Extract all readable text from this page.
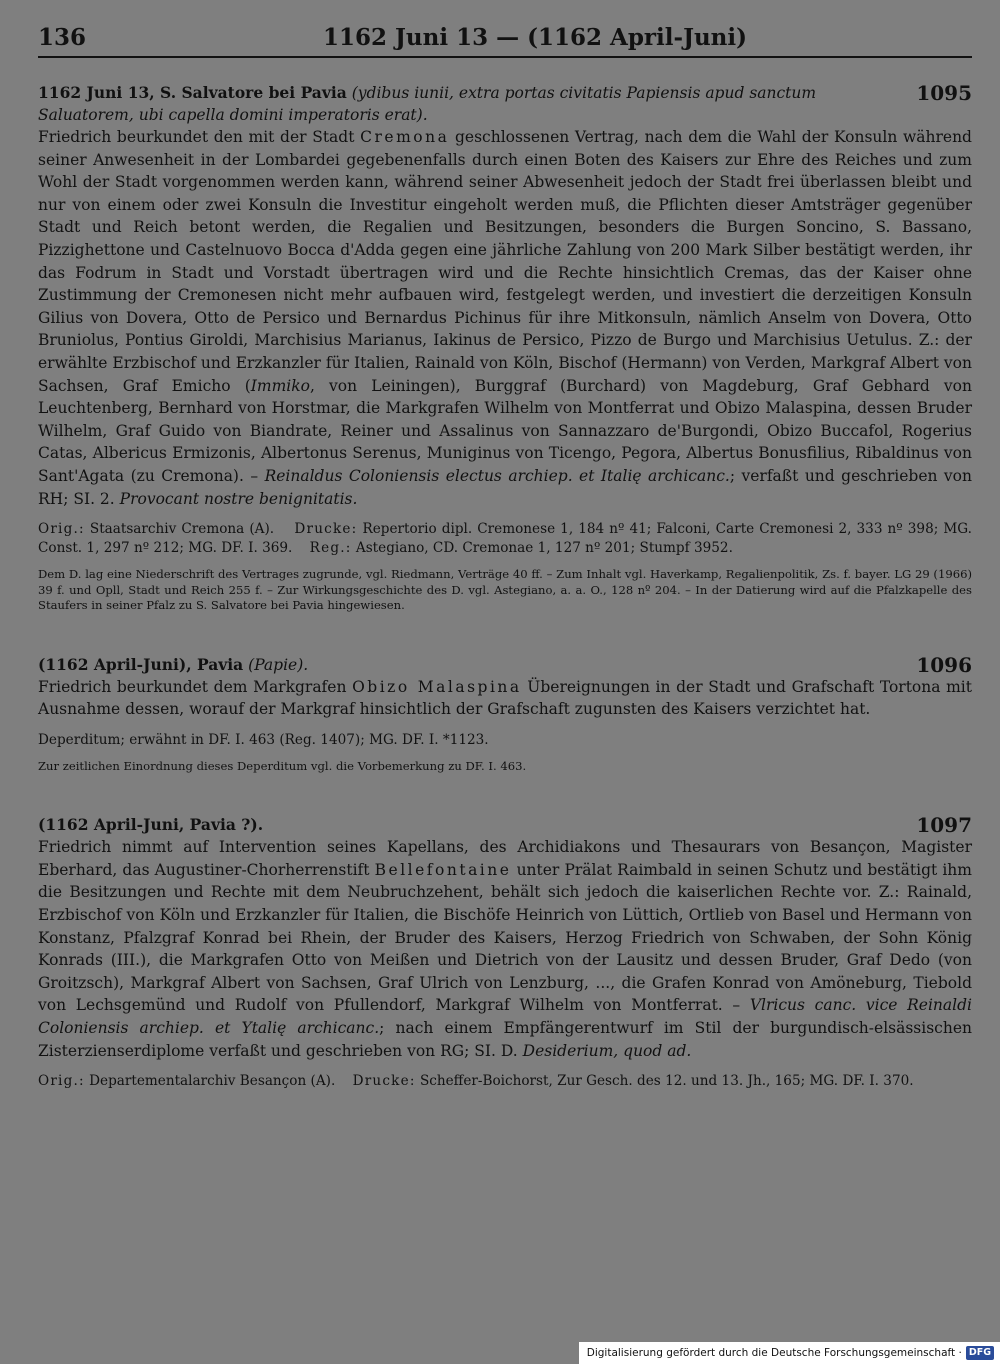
136	1162 Juni 13 — (1162 April-Juni)
1162 Juni 13, S. Salvatore bei Pavia (ydibus iunii, extra portas civitatis Papiensis apud sanctum Saluatorem, ubi capella domini imperatoris erat).
1095

Friedrich beurkundet den mit der Stadt Cremona geschlossenen Vertrag, nach dem die Wahl der Konsuln während seiner Anwesenheit in der Lombardei gegebenenfalls durch einen Boten des Kaisers zur Ehre des Reiches und zum Wohl der Stadt vorgenommen werden kann, während seiner Abwesenheit jedoch der Stadt frei überlassen bleibt und nur von einem oder zwei Konsuln die Investitur eingeholt werden muß, die Pflichten dieser Amtsträger gegenüber Stadt und Reich betont werden, die Regalien und Besitzungen, besonders die Burgen Soncino, S. Bassano, Pizzighettone und Castelnuovo Bocca d'Adda gegen eine jährliche Zahlung von 200 Mark Silber bestätigt werden, ihr das Fodrum in Stadt und Vorstadt übertragen wird und die Rechte hinsichtlich Cremas, das der Kaiser ohne Zustimmung der Cremonesen nicht mehr aufbauen wird, festgelegt werden, und investiert die derzeitigen Konsuln Gilius von Dovera, Otto de Persico und Bernardus Pichinus für ihre Mitkonsuln, nämlich Anselm von Dovera, Otto Bruniolus, Pontius Giroldi, Marchisius Marianus, Iakinus de Persico, Pizzo de Burgo und Marchisius Uetulus. Z.: der erwählte Erzbischof und Erzkanzler für Italien, Rainald von Köln, Bischof (Hermann) von Verden, Markgraf Albert von Sachsen, Graf Emicho (Immiko, von Leiningen), Burggraf (Burchard) von Magdeburg, Graf Gebhard von Leuchtenberg, Bernhard von Horstmar, die Markgrafen Wilhelm von Montferrat und Obizo Malaspina, dessen Bruder Wilhelm, Graf Guido von Biandrate, Reiner und Assalinus von Sannazzaro de'Burgondi, Obizo Buccafol, Rogerius Catas, Albericus Ermizonis, Albertonus Serenus, Muniginus von Ticengo, Pegora, Albertus Bonusfilius, Ribaldinus von Sant'Agata (zu Cremona). – Reinaldus Coloniensis electus archiep. et Italię archicanc.; verfaßt und geschrieben von RH; SI. 2. Provocant nostre benignitatis.

Orig.: Staatsarchiv Cremona (A). Drucke: Repertorio dipl. Cremonese 1, 184 nº 41; Falconi, Carte Cremonesi 2, 333 nº 398; MG. Const. 1, 297 nº 212; MG. DF. I. 369. Reg.: Astegiano, CD. Cremonae 1, 127 nº 201; Stumpf 3952.
Dem D. lag eine Niederschrift des Vertrages zugrunde, vgl. Riedmann, Verträge 40 ff. – Zum Inhalt vgl. Haverkamp, Regalienpolitik, Zs. f. bayer. LG 29 (1966) 39 f. und Opll, Stadt und Reich 255 f. – Zur Wirkungsgeschichte des D. vgl. Astegiano, a. a. O., 128 nº 204. – In der Datierung wird auf die Pfalzkapelle des Staufers in seiner Pfalz zu S. Salvatore bei Pavia hingewiesen.
(1162 April-Juni), Pavia (Papie).	1096

Friedrich beurkundet dem Markgrafen Obizo Malaspina Übereignungen in der Stadt und Grafschaft Tortona mit Ausnahme dessen, worauf der Markgraf hinsichtlich der Grafschaft zugunsten des Kaisers verzichtet hat.

Deperditum; erwähnt in DF. I. 463 (Reg. 1407); MG. DF. I. *1123.
Zur zeitlichen Einordnung dieses Deperditum vgl. die Vorbemerkung zu DF. I. 463.
(1162 April-Juni, Pavia ?).	1097

Friedrich nimmt auf Intervention seines Kapellans, des Archidiakons und Thesaurars von Besançon, Magister Eberhard, das Augustiner-Chorherrenstift Bellefontaine unter Prälat Raimbald in seinen Schutz und bestätigt ihm die Besitzungen und Rechte mit dem Neubruchzehent, behält sich jedoch die kaiserlichen Rechte vor. Z.: Rainald, Erzbischof von Köln und Erzkanzler für Italien, die Bischöfe Heinrich von Lüttich, Ortlieb von Basel und Hermann von Konstanz, Pfalzgraf Konrad bei Rhein, der Bruder des Kaisers, Herzog Friedrich von Schwaben, der Sohn König Konrads (III.), die Markgrafen Otto von Meißen und Dietrich von der Lausitz und dessen Bruder, Graf Dedo (von Groitzsch), Markgraf Albert von Sachsen, Graf Ulrich von Lenzburg, ..., die Grafen Konrad von Amöneburg, Tiebold von Lechsgemünd und Rudolf von Pfullendorf, Markgraf Wilhelm von Montferrat. – Vlricus canc. vice Reinaldi Coloniensis archiep. et Ytalię archicanc.; nach einem Empfängerentwurf im Stil der burgundisch-elsässischen Zisterzienserdiplome verfaßt und geschrieben von RG; SI. D. Desiderium, quod ad.

Orig.: Departementalarchiv Besançon (A). Drucke: Scheffer-Boichorst, Zur Gesch. des 12. und 13. Jh., 165; MG. DF. I. 370.
Digitalisierung gefördert durch die Deutsche Forschungsgemeinschaft · DFG
